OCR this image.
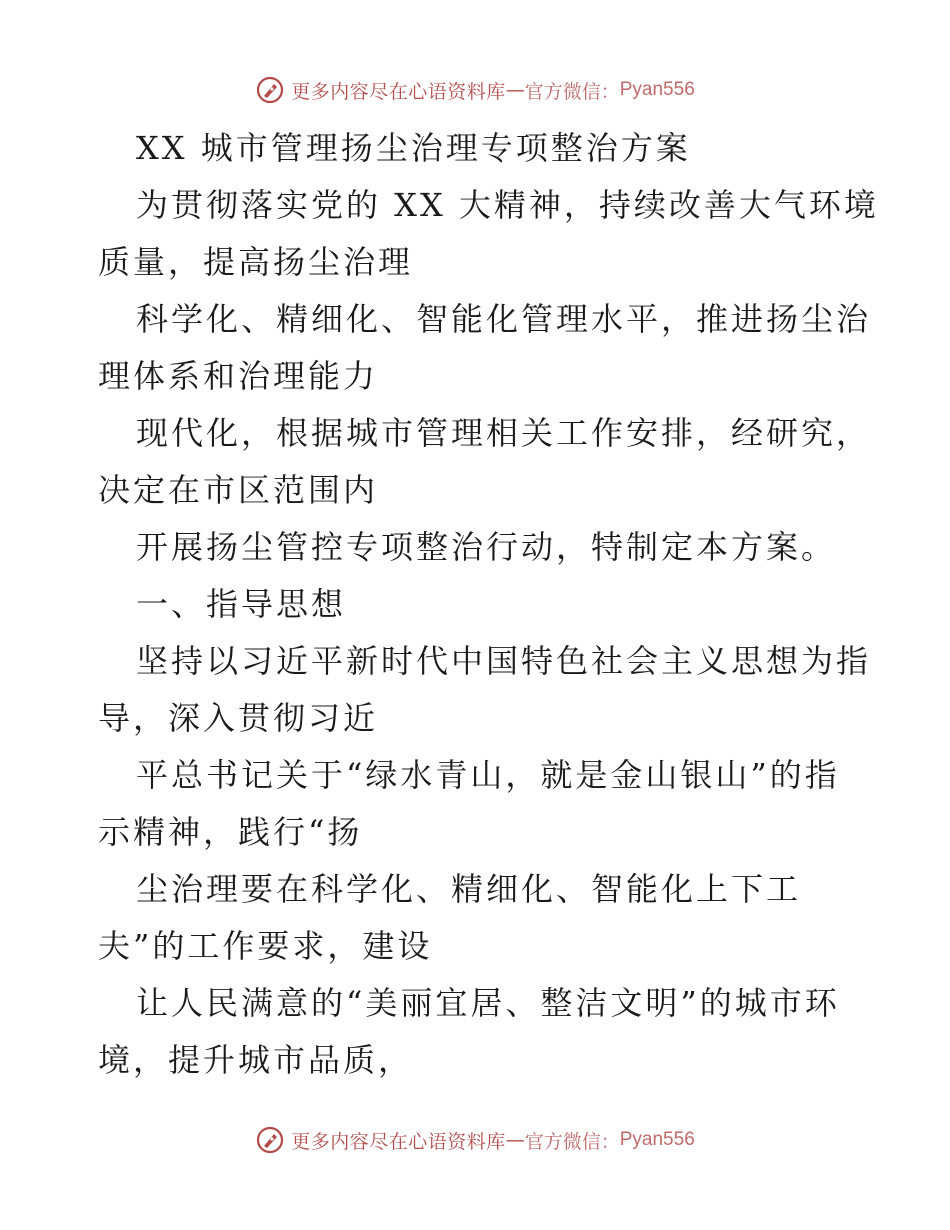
更多内容尽在心语资料库 — 官方微信： Pyan556
XX 城市管理扬尘治理专项整治方案
为贯彻落实党的 XX 大精神，持续改善大气环境
质量，提高扬尘治理
科学化、精细化、智能化管理水平，推进扬尘治
理体系和治理能力
现代化，根据城市管理相关工作安排，经研究，
决定在市区范围内
开展扬尘管控专项整治行动，特制定本方案。
一、指导思想
坚持以习近平新时代中国特色社会主义思想为指
导，深入贯彻习近
平总书记关于“绿水青山，就是金山银山”的指
示精神，践行“扬
尘治理要在科学化、精细化、智能化上下工
夫”的工作要求，建设
让人民满意的“美丽宜居、整洁文明”的城市环
境，提升城市品质，
更多内容尽在心语资料库 — 官方微信： Pyan556
